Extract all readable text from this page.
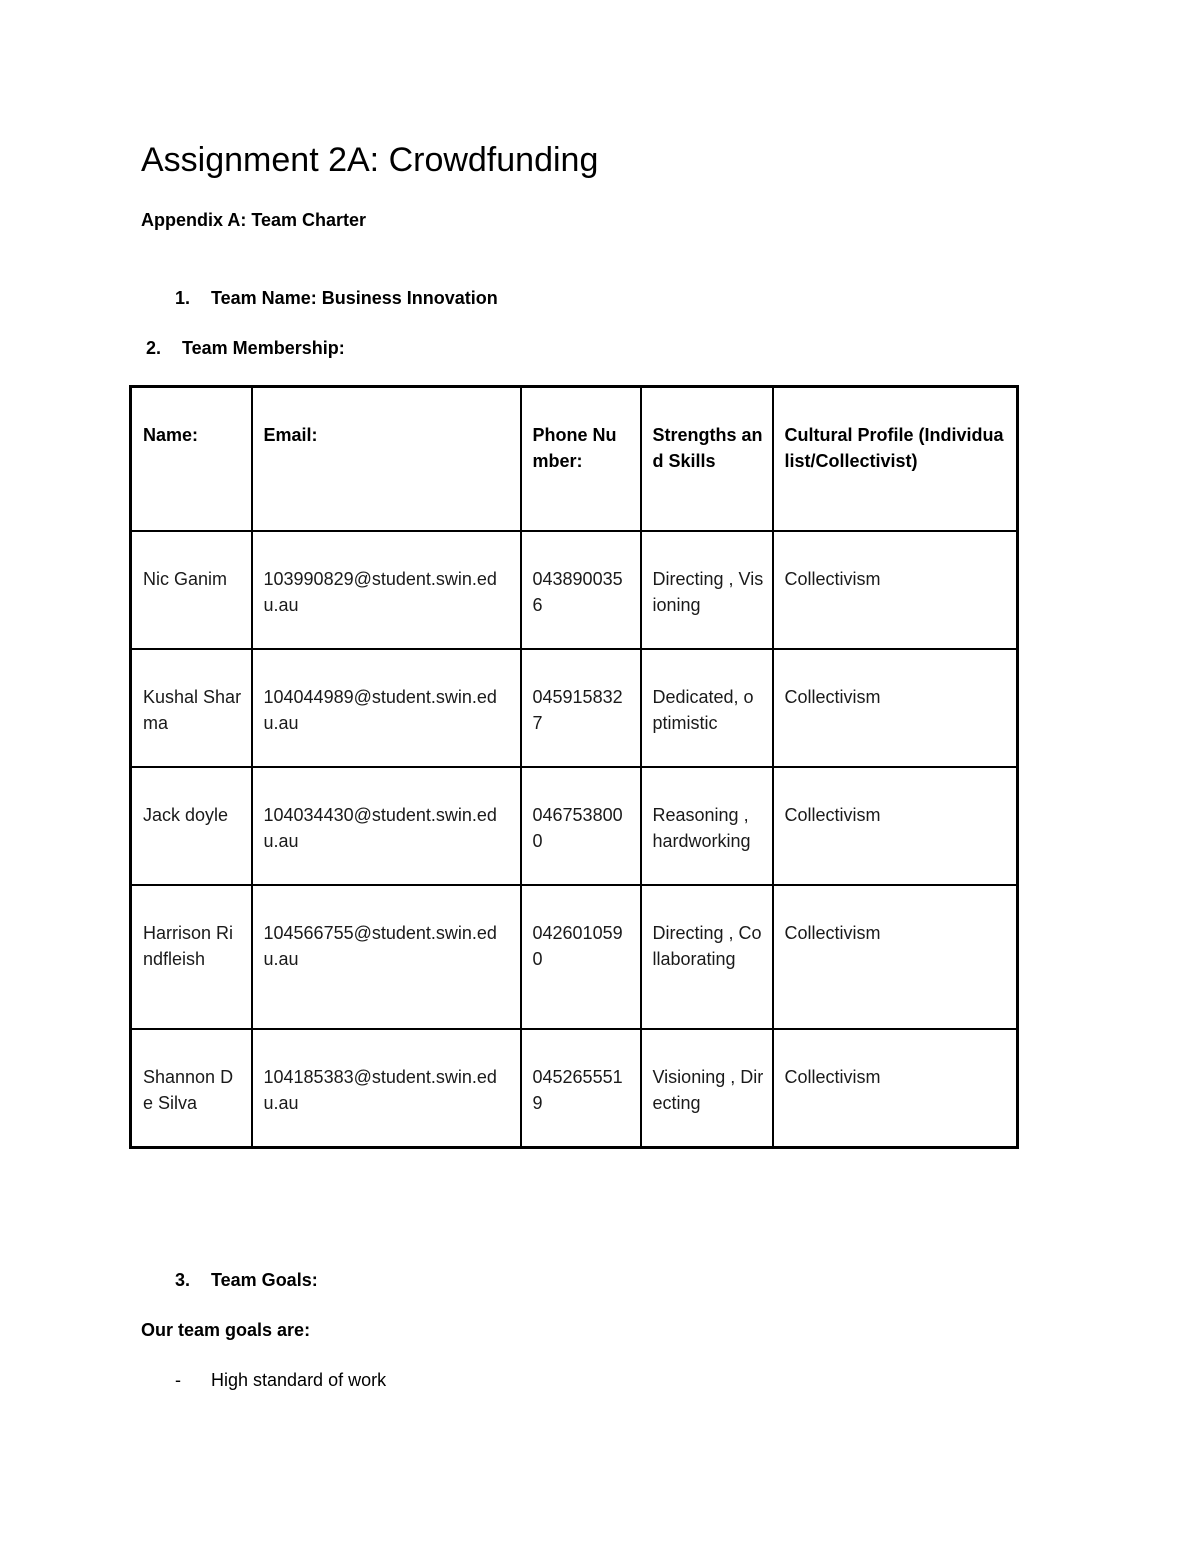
Assignment 2A: Crowdfunding
Appendix A: Team Charter
1. Team Name: Business Innovation
2. Team Membership:
Name:	Email:	Phone Number:	Strengths and Skills	Cultural Profile (Individualist/Collectivist)
Nic Ganim	103990829@student.swin.edu.au	0438900356	Directing , Visioning	Collectivism
Kushal Sharma	104044989@student.swin.edu.au	0459158327	Dedicated, optimistic	Collectivism
Jack doyle	104034430@student.swin.edu.au	0467538000	Reasoning , hardworking	Collectivism
Harrison Rindfleish	104566755@student.swin.edu.au	0426010590	Directing , Collaborating	Collectivism
Shannon De Silva	104185383@student.swin.edu.au	0452655519	Visioning , Directing	Collectivism
3. Team Goals:
Our team goals are:
- High standard of work
